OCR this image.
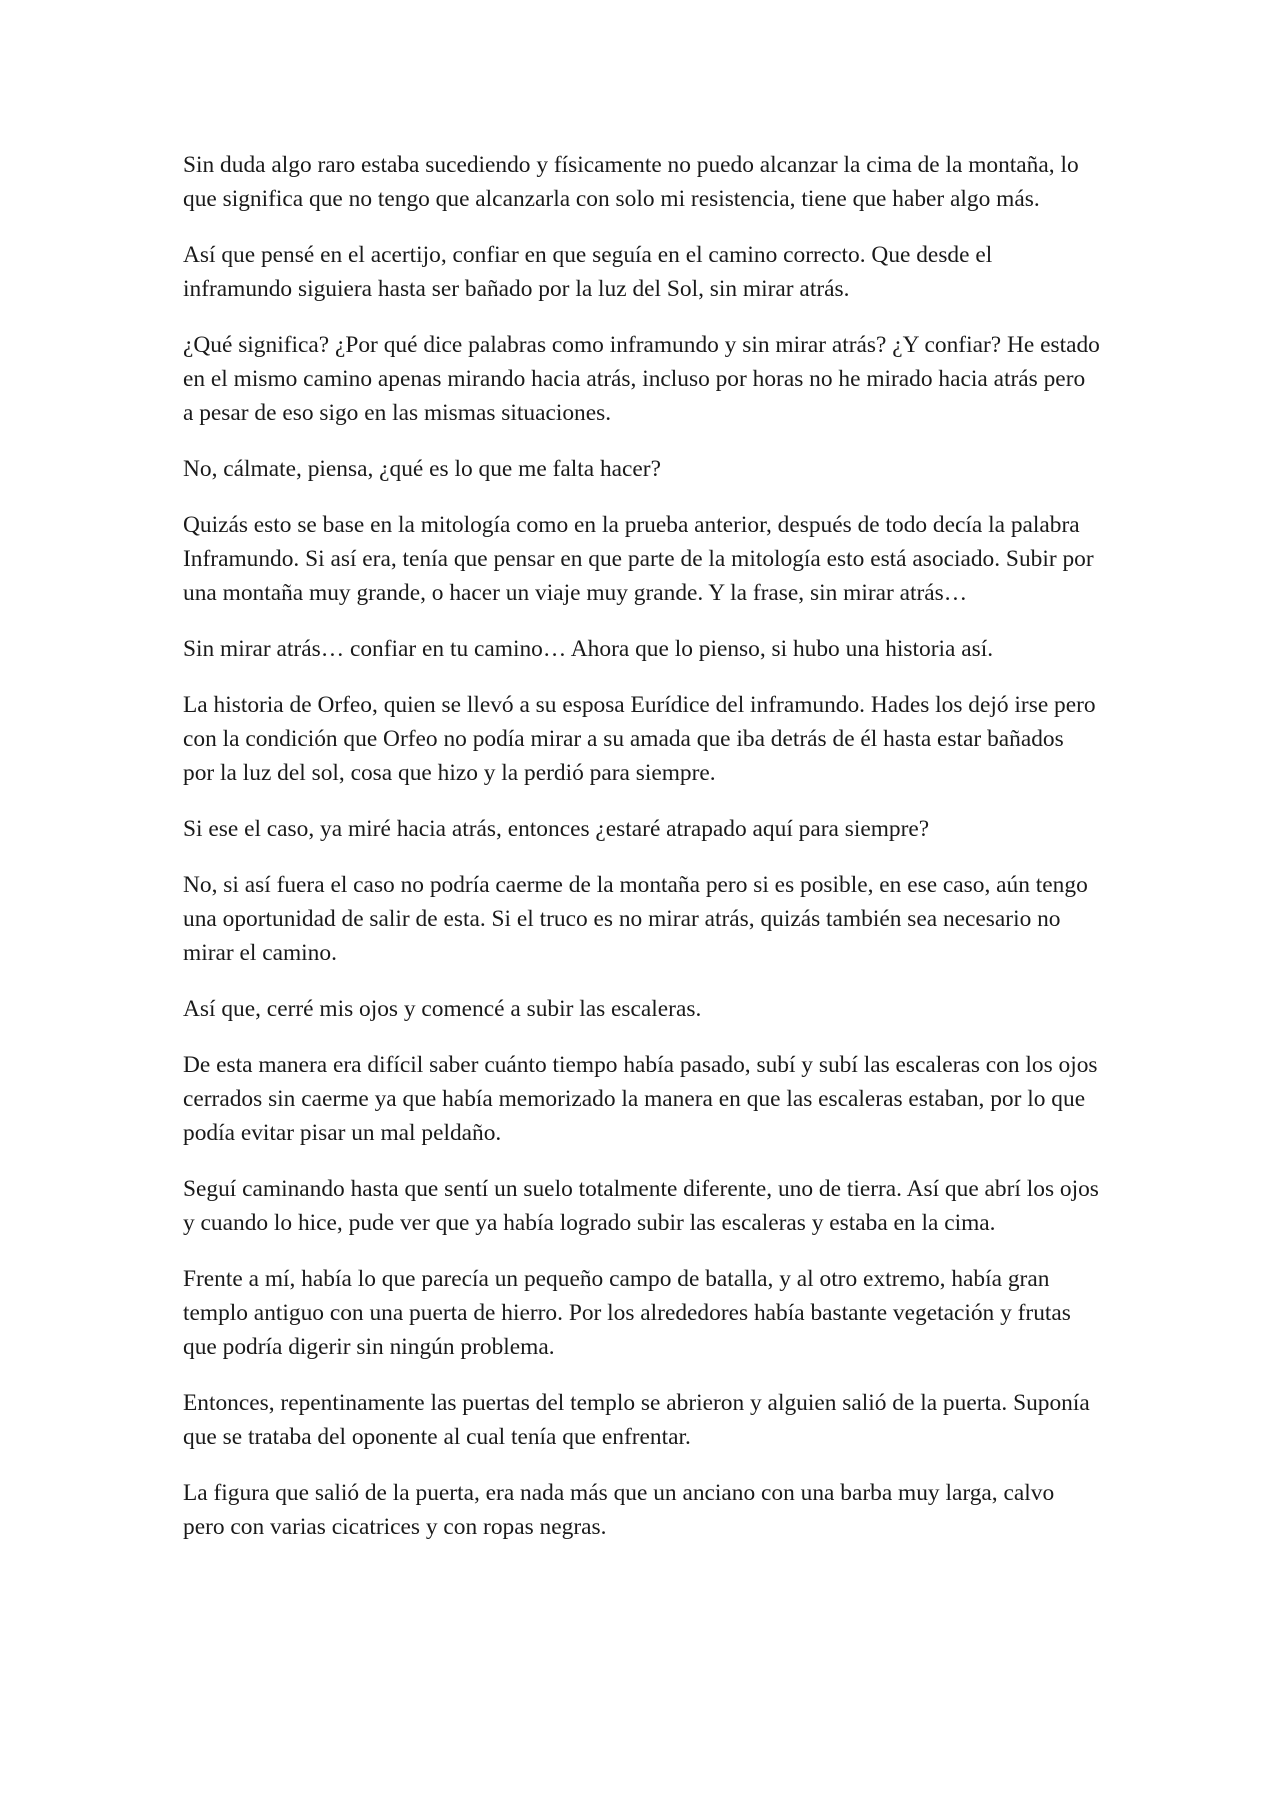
Sin duda algo raro estaba sucediendo y físicamente no puedo alcanzar la cima de la montaña, lo que significa que no tengo que alcanzarla con solo mi resistencia, tiene que haber algo más.

Así que pensé en el acertijo, confiar en que seguía en el camino correcto. Que desde el inframundo siguiera hasta ser bañado por la luz del Sol, sin mirar atrás.

¿Qué significa? ¿Por qué dice palabras como inframundo y sin mirar atrás? ¿Y confiar? He estado en el mismo camino apenas mirando hacia atrás, incluso por horas no he mirado hacia atrás pero a pesar de eso sigo en las mismas situaciones.

No, cálmate, piensa, ¿qué es lo que me falta hacer?

Quizás esto se base en la mitología como en la prueba anterior, después de todo decía la palabra Inframundo. Si así era, tenía que pensar en que parte de la mitología esto está asociado. Subir por una montaña muy grande, o hacer un viaje muy grande. Y la frase, sin mirar atrás…

Sin mirar atrás… confiar en tu camino… Ahora que lo pienso, si hubo una historia así.

La historia de Orfeo, quien se llevó a su esposa Eurídice del inframundo. Hades los dejó irse pero con la condición que Orfeo no podía mirar a su amada que iba detrás de él hasta estar bañados por la luz del sol, cosa que hizo y la perdió para siempre.

Si ese el caso, ya miré hacia atrás, entonces ¿estaré atrapado aquí para siempre?

No, si así fuera el caso no podría caerme de la montaña pero si es posible, en ese caso, aún tengo una oportunidad de salir de esta. Si el truco es no mirar atrás, quizás también sea necesario no mirar el camino.

Así que, cerré mis ojos y comencé a subir las escaleras.

De esta manera era difícil saber cuánto tiempo había pasado, subí y subí las escaleras con los ojos cerrados sin caerme ya que había memorizado la manera en que las escaleras estaban, por lo que podía evitar pisar un mal peldaño.

Seguí caminando hasta que sentí un suelo totalmente diferente, uno de tierra. Así que abrí los ojos y cuando lo hice, pude ver que ya había logrado subir las escaleras y estaba en la cima.

Frente a mí, había lo que parecía un pequeño campo de batalla, y al otro extremo, había gran templo antiguo con una puerta de hierro. Por los alrededores había bastante vegetación y frutas que podría digerir sin ningún problema.

Entonces, repentinamente las puertas del templo se abrieron y alguien salió de la puerta. Suponía que se trataba del oponente al cual tenía que enfrentar.

La figura que salió de la puerta, era nada más que un anciano con una barba muy larga, calvo pero con varias cicatrices y con ropas negras.
